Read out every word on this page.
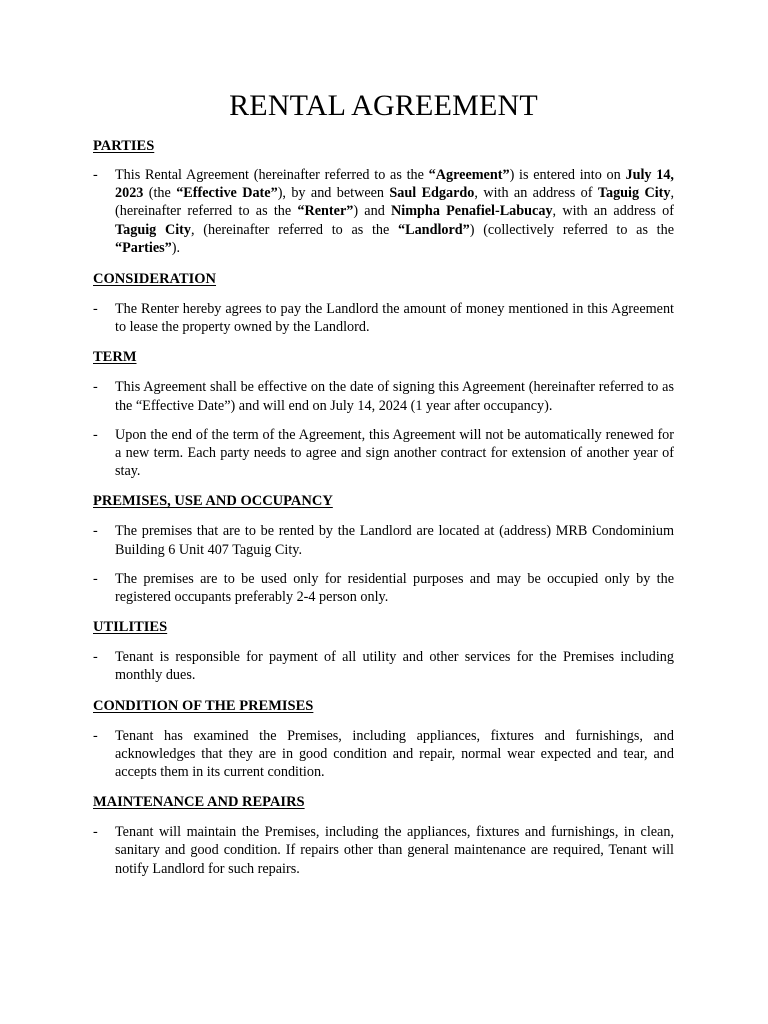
RENTAL AGREEMENT
PARTIES
-	This Rental Agreement (hereinafter referred to as the “Agreement”) is entered into on July 14, 2023 (the “Effective Date”), by and between Saul Edgardo, with an address of Taguig City, (hereinafter referred to as the “Renter”) and Nimpha Penafiel-Labucay, with an address of Taguig City, (hereinafter referred to as the “Landlord”) (collectively referred to as the “Parties”).
CONSIDERATION
-	The Renter hereby agrees to pay the Landlord the amount of money mentioned in this Agreement to lease the property owned by the Landlord.
TERM
-	This Agreement shall be effective on the date of signing this Agreement (hereinafter referred to as the “Effective Date”) and will end on July 14, 2024 (1 year after occupancy).
-	Upon the end of the term of the Agreement, this Agreement will not be automatically renewed for a new term. Each party needs to agree and sign another contract for extension of another year of stay.
PREMISES, USE AND OCCUPANCY
-	The premises that are to be rented by the Landlord are located at (address) MRB Condominium Building 6 Unit 407 Taguig City.
-	The premises are to be used only for residential purposes and may be occupied only by the registered occupants preferably 2-4 person only.
UTILITIES
-	Tenant is responsible for payment of all utility and other services for the Premises including monthly dues.
CONDITION OF THE PREMISES
-	Tenant has examined the Premises, including appliances, fixtures and furnishings, and acknowledges that they are in good condition and repair, normal wear expected and tear, and accepts them in its current condition.
MAINTENANCE AND REPAIRS
-	Tenant will maintain the Premises, including the appliances, fixtures and furnishings, in clean, sanitary and good condition. If repairs other than general maintenance are required, Tenant will notify Landlord for such repairs.
